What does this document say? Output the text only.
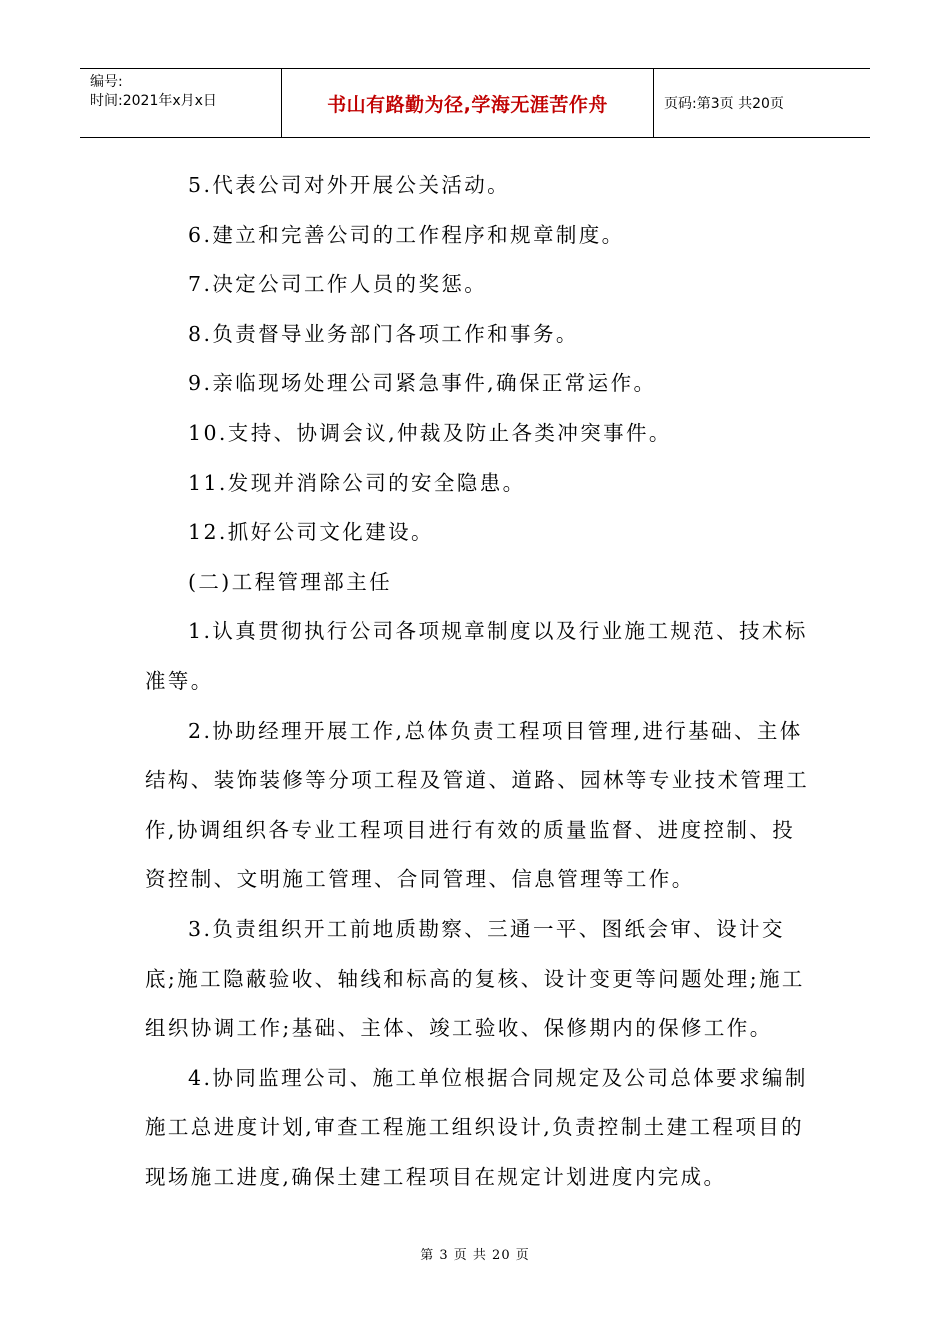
编号:
时间:2021年x月x日	书山有路勤为径,学海无涯苦作舟	页码:第3页 共20页

5.代表公司对外开展公关活动。

6.建立和完善公司的工作程序和规章制度。

7.决定公司工作人员的奖惩。

8.负责督导业务部门各项工作和事务。

9.亲临现场处理公司紧急事件,确保正常运作。

10.支持、协调会议,仲裁及防止各类冲突事件。

11.发现并消除公司的安全隐患。

12.抓好公司文化建设。

(二)工程管理部主任

1.认真贯彻执行公司各项规章制度以及行业施工规范、技术标准等。

2.协助经理开展工作,总体负责工程项目管理,进行基础、主体结构、装饰装修等分项工程及管道、道路、园林等专业技术管理工作,协调组织各专业工程项目进行有效的质量监督、进度控制、投资控制、文明施工管理、合同管理、信息管理等工作。

3.负责组织开工前地质勘察、三通一平、图纸会审、设计交底;施工隐蔽验收、轴线和标高的复核、设计变更等问题处理;施工组织协调工作;基础、主体、竣工验收、保修期内的保修工作。

4.协同监理公司、施工单位根据合同规定及公司总体要求编制施工总进度计划,审查工程施工组织设计,负责控制土建工程项目的现场施工进度,确保土建工程项目在规定计划进度内完成。

第 3 页 共 20 页
